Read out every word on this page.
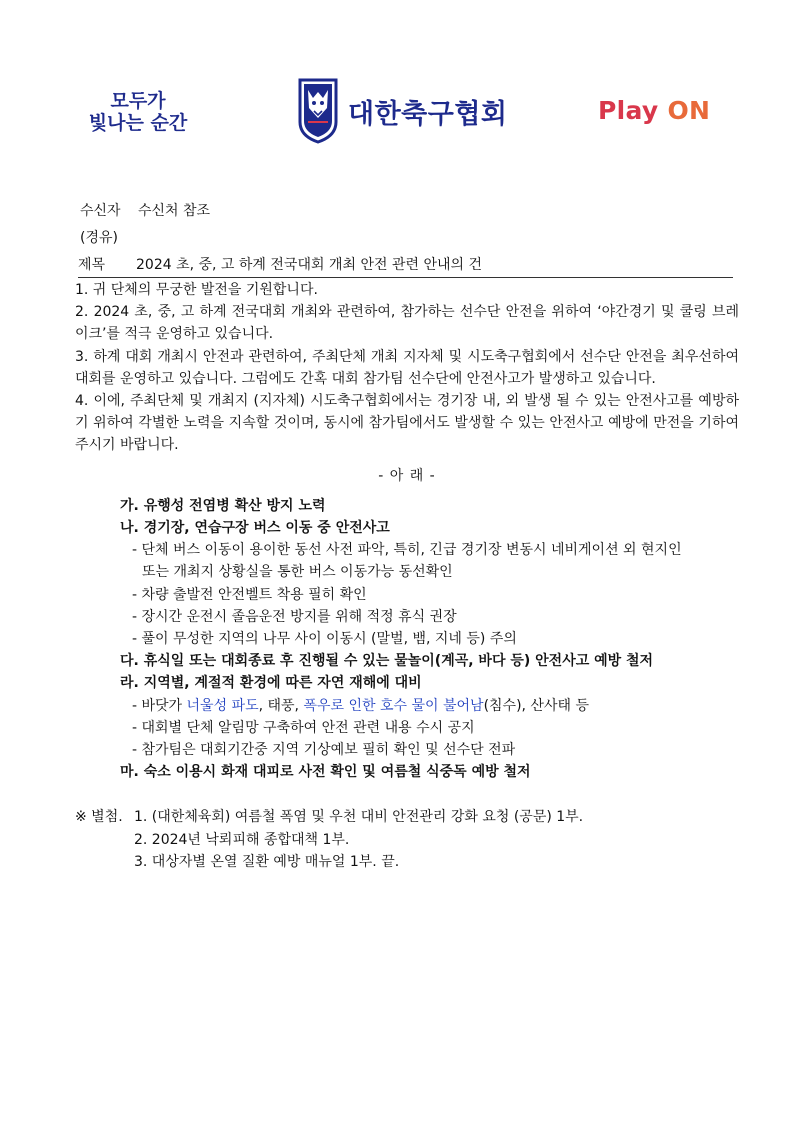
모두가
빛나는 순간	대한축구협회	Play ON
수신자	수신처 참조
(경유)
제목	2024 초, 중, 고 하계 전국대회 개최 안전 관련 안내의 건

1. 귀 단체의 무궁한 발전을 기원합니다.

2. 2024 초, 중, 고 하계 전국대회 개최와 관련하여, 참가하는 선수단 안전을 위하여 ‘야간경기 및 쿨링 브레이크’를 적극 운영하고 있습니다.

3. 하계 대회 개최시 안전과 관련하여, 주최단체 개최 지자체 및 시도축구협회에서 선수단 안전을 최우선하여 대회를 운영하고 있습니다. 그럼에도 간혹 대회 참가팀 선수단에 안전사고가 발생하고 있습니다.

4. 이에, 주최단체 및 개최지 (지자체) 시도축구협회에서는 경기장 내, 외 발생 될 수 있는 안전사고를 예방하기 위하여 각별한 노력을 지속할 것이며, 동시에 참가팀에서도 발생할 수 있는 안전사고 예방에 만전을 기하여 주시기 바랍니다.

- 아 래 -

가. 유행성 전염병 확산 방지 노력

나. 경기장, 연습구장 버스 이동 중 안전사고

- 단체 버스 이동이 용이한 동선 사전 파악, 특히, 긴급 경기장 변동시 네비게이션 외 현지인

또는 개최지 상황실을 통한 버스 이동가능 동선확인

- 차량 출발전 안전벨트 착용 필히 확인

- 장시간 운전시 졸음운전 방지를 위해 적정 휴식 권장

- 풀이 무성한 지역의 나무 사이 이동시 (말벌, 뱀, 지네 등) 주의

다. 휴식일 또는 대회종료 후 진행될 수 있는 물놀이(계곡, 바다 등) 안전사고 예방 철저

라. 지역별, 계절적 환경에 따른 자연 재해에 대비

- 바닷가 너울성 파도, 태풍, 폭우로 인한 호수 물이 불어남(침수), 산사태 등

- 대회별 단체 알림망 구축하여 안전 관련 내용 수시 공지

- 참가팀은 대회기간중 지역 기상예보 필히 확인 및 선수단 전파

마. 숙소 이용시 화재 대피로 사전 확인 및 여름철 식중독 예방 철저

※ 별첨. 1. (대한체육회) 여름철 폭염 및 우천 대비 안전관리 강화 요청 (공문) 1부.
2. 2024년 낙뢰피해 종합대책 1부.
3. 대상자별 온열 질환 예방 매뉴얼 1부. 끝.
